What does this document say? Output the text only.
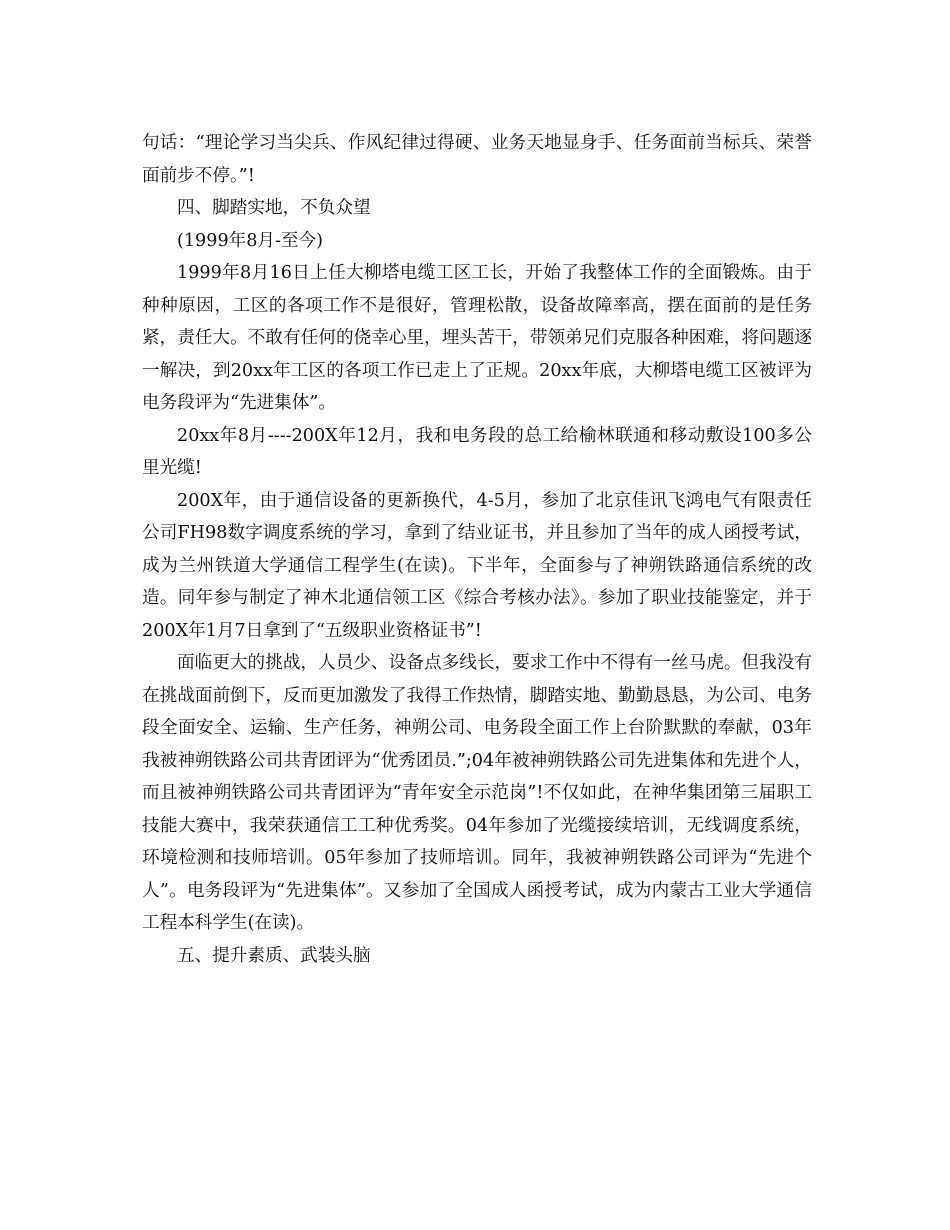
句话：“理论学习当尖兵、作风纪律过得硬、业务天地显身手、任务面前当标兵、荣誉面前步不停。”!

四、脚踏实地，不负众望

(1999年8月-至今)

1999年8月16日上任大柳塔电缆工区工长，开始了我整体工作的全面锻炼。由于种种原因，工区的各项工作不是很好，管理松散，设备故障率高，摆在面前的是任务紧，责任大。不敢有任何的侥幸心里，埋头苦干，带领弟兄们克服各种困难，将问题逐一解决，到20xx年工区的各项工作已走上了正规。20xx年底，大柳塔电缆工区被评为电务段评为“先进集体”。

20xx年8月----200X年12月，我和电务段的总工给榆林联通和移动敷设100多公里光缆!

200X年，由于通信设备的更新换代，4-5月，参加了北京佳讯飞鸿电气有限责任公司FH98数字调度系统的学习，拿到了结业证书，并且参加了当年的成人函授考试，成为兰州铁道大学通信工程学生(在读)。下半年，全面参与了神朔铁路通信系统的改造。同年参与制定了神木北通信领工区《综合考核办法》。参加了职业技能鉴定，并于200X年1月7日拿到了“五级职业资格证书”!

面临更大的挑战，人员少、设备点多线长，要求工作中不得有一丝马虎。但我没有在挑战面前倒下，反而更加激发了我得工作热情，脚踏实地、勤勤恳恳，为公司、电务段全面安全、运输、生产任务，神朔公司、电务段全面工作上台阶默默的奉献，03年我被神朔铁路公司共青团评为“优秀团员.”;04年被神朔铁路公司先进集体和先进个人，而且被神朔铁路公司共青团评为“青年安全示范岗”!不仅如此，在神华集团第三届职工技能大赛中，我荣获通信工工种优秀奖。04年参加了光缆接续培训，无线调度系统，环境检测和技师培训。05年参加了技师培训。同年，我被神朔铁路公司评为“先进个人”。电务段评为“先进集体”。又参加了全国成人函授考试，成为内蒙古工业大学通信工程本科学生(在读)。

五、提升素质、武装头脑
